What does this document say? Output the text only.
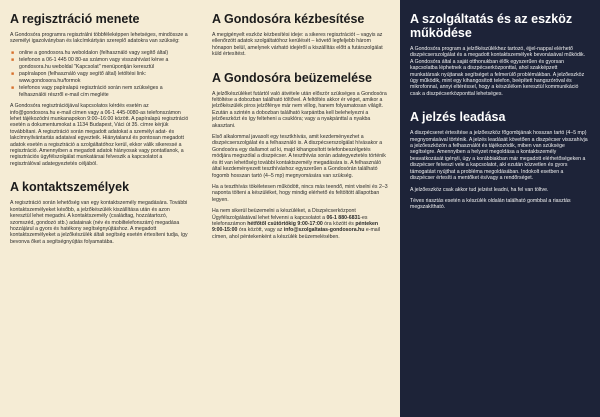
A regisztráció menete

A Gondosóra programra regisztrálni többféleképpen lehetséges, mindössze a személyi igazolványban és lakcímkártyán szereplő adatokra van szükség:

■ online a gondosora.hu weboldalon (felhasználó vagy segítő által)
■ telefonon a 06-1 445 00 80-as számon vagy visszahívást kérve a gondosora.hu weboldal "Kapcsolat" menüpontján keresztül
■ papíralapon (felhasználó vagy segítő által) letöltési link: www.gondosora.hu/formok
■ telefonos vagy papíralapú regisztráció során nem szükséges a felhasználói részről e-mail cím megléte

A Gondosóra regisztrációjával kapcsolatos kérdés esetén az info@gondosora.hu e-mail címen vagy a 06-1 445-0080-as telefonszámon lehet tájékozódni munkanapokon 9:00–16:00 között. A papíralapú regisztráció esetén a dokumentumokat a 1134 Budapest, Váci út 35. címre kérjük továbbítani. A regisztráció során megadott adatokat a személyi adat- és lakcímnyilvántartás adataival egyezteik. Hiánytalanul és pontosan megadott adatok esetén a regisztráció a szolgáltatóhoz kerül, ekkor válik sikeressé a regisztráció. Amennyiben a megadott adatok hiányosak vagy pontatlanok, a regisztrációs ügyfélszolgálat munkatársai felveszik a kapcsolatot a regisztrálóval adategyeztetés céljából.

A kontaktszemélyek

A regisztráció során lehetőség van egy kontaktszemély megadására. További kontaktszemélyeket később, a jelzőkészülék kiszállítása után és azon keresztül lehet megadni. A kontaktszemély (családtag, hozzátartozó, szomszéd, gondozó stb.) adatainak (név és mobiltelefonszám) megadása hozzájárul a gyors és hatékony segítségnyújtáshoz. A megadott kontaktszemélyeket a jelzőkészülék általi segítség esetén értesíteni tudja, így bevonva őket a segítségnyújtás folyamatába.

A Gondosóra kézbesítése

A megigényelt eszköz kézbesítési ideje: a sikeres regisztrációt – vagyis az ellenőrzött adatok szolgáltatóhoz kerülését – követő legfeljebb három hónapon belül, amelynek várható idejéről a kiszállítás előtt a futárszolgálat küld értesítést.

A Gondosóra beüzemelése

A jelzőkészüléket futártól való átvétele után először szükséges a Gondosóra feltöltése a dobozban található töltővel. A feltöltés akkor ér véget, amikor a jelzőkészülék piros jelzőfénye már nem villog, hanem folyamatosan világít. Ezután a szintén a dobozban található karpántba kell belehelyezni a jelzőeszközt és így felteheni a csuklóra; vagy a nyakpánttal a nyakba akasztani.

Első alkalommal javasolt egy tesztkhívás, amit kezdeményezhet a diszpécserszolgálat és a felhasználó is. A diszpécserszolgálat hívásakor a Gondosóra egy dallamot ad ki, majd kihangosított telefonbeszélgetés módjára megszólal a diszpécser. A teszthívás során adategyeztetés történik és itt van lehetőség további kontaktszemély megadására is. A felhasználó által kezdeményezett teszthíváshoz egyszerűen a Gondosórán található fogomb hosszan tartó (4–5 mp) megnyomására van szükség.

Ha a teszthívás tökéletesen működött, nincs más teendő, mint viselni és 2–3 naponta tölteni a készüléket, hogy mindig elérhető és feltöltött állapotban legyen.

Ha nem sikerül beüzemelni a készüléket, a Diszpécserközpont Ügyfélszolgálatával lehet felvenni a kapcsolatot a 06-1 880-6831-es telefonszámon hétfőtől csütörtökig 9:00-17:00 óra között és pénteken 9:00-15:00 óra között, vagy az info@szolgaltatas-gondosora.hu e-mail címen, ahol péntekenként a készülék beüzemelésében.

A szolgáltatás és az eszköz működése

A Gondosóra program a jelzőkészülékhez tartozó, éjjel-nappal elérhető diszpécserszolgálat és a megadott kontaktszemélyek bevonásával működik. A Gondosóra által a saját otthonukban élők egyszerűen és gyorsan kapcsolatba léphetnek a diszpécserközponttal, ahol szakképzett munkatársak nyújtanak segítséget a felmerülő problémákban. A jelzőeszköz úgy működik, mint egy kihangosított telefon, beépített hangszóróval és mikrofonnal, annyi eltéréssel, hogy a készüléken keresztül kommunikáció csak a diszpécserközponttal lehetséges.

A jelzés leadása

A diszpécseret értesítése a jelzőeszköz főgombjának hosszan tartó (4–5 mp) megnyomásával történik. A jelzés leadását követően a diszpécser visszahívja a jelzőeszközön a felhasználót és tájékozódik, miben van szüksége segítségre. Amennyiben a helyzet megoldása a kontaktszemély beavatkozását igényli, úgy a korábbiakban már megadott elérhetőségeken a diszpécser felveszi vele a kapcsolatot, aki ezután közvetlen és gyors támogatást nyújthat a probléma megoldásában. Indokolt esetben a diszpécser értesíti a mentőket és/vagy a rendőrséget.

A jelzőeszköz csak akkor tud jelzést leadni, ha fel van töltve.

Téves riasztás esetén a készülék oldalán található gombbal a riasztás megszakítható.
